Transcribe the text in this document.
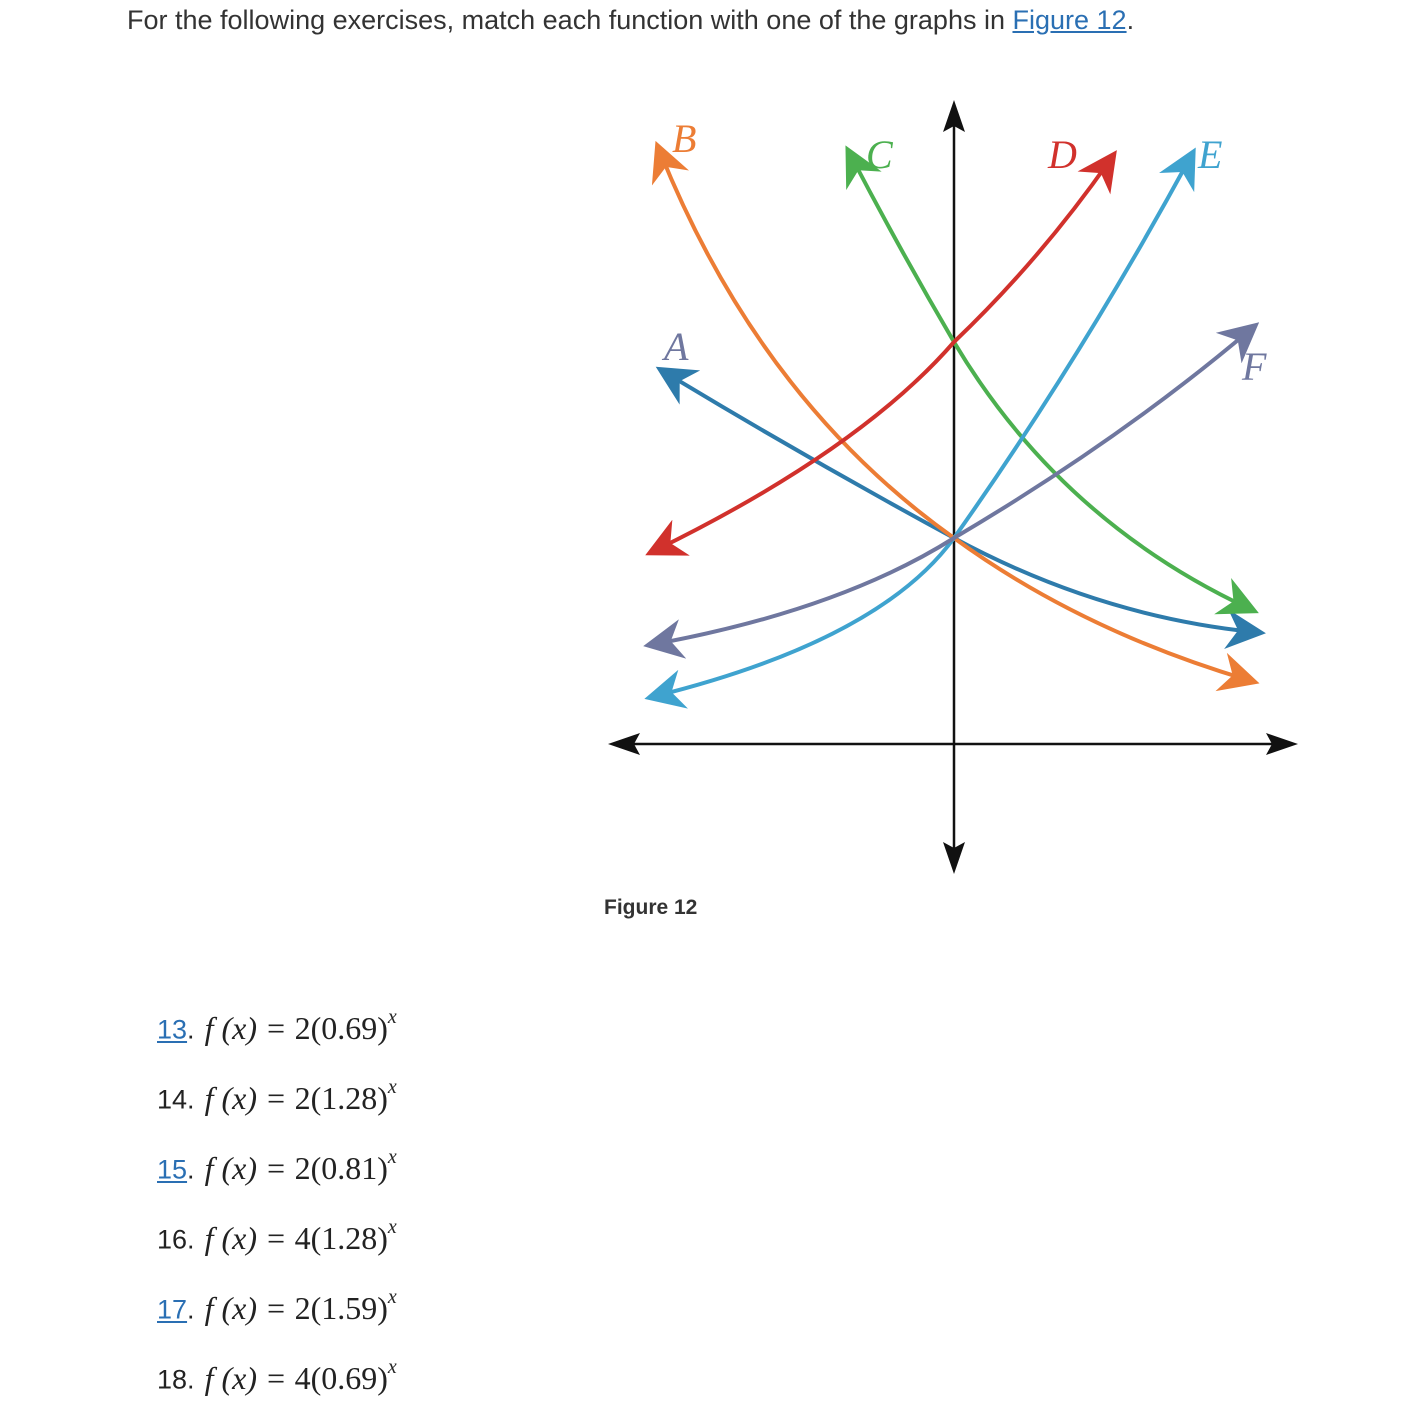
For the following exercises, match each function with one of the graphs in Figure 12.
A
B	C	D	E
F
Figure 12
13. f $(x) = 2(0.69)^x$
14. f $(x) = 2(1.28)^x$
15. f $(x) = 2(0.81)^x$
16. f $(x) = 4(1.28)^x$
17. f $(x) = 2(1.59)^x$
18. f $(x) = 4(0.69)^x$
